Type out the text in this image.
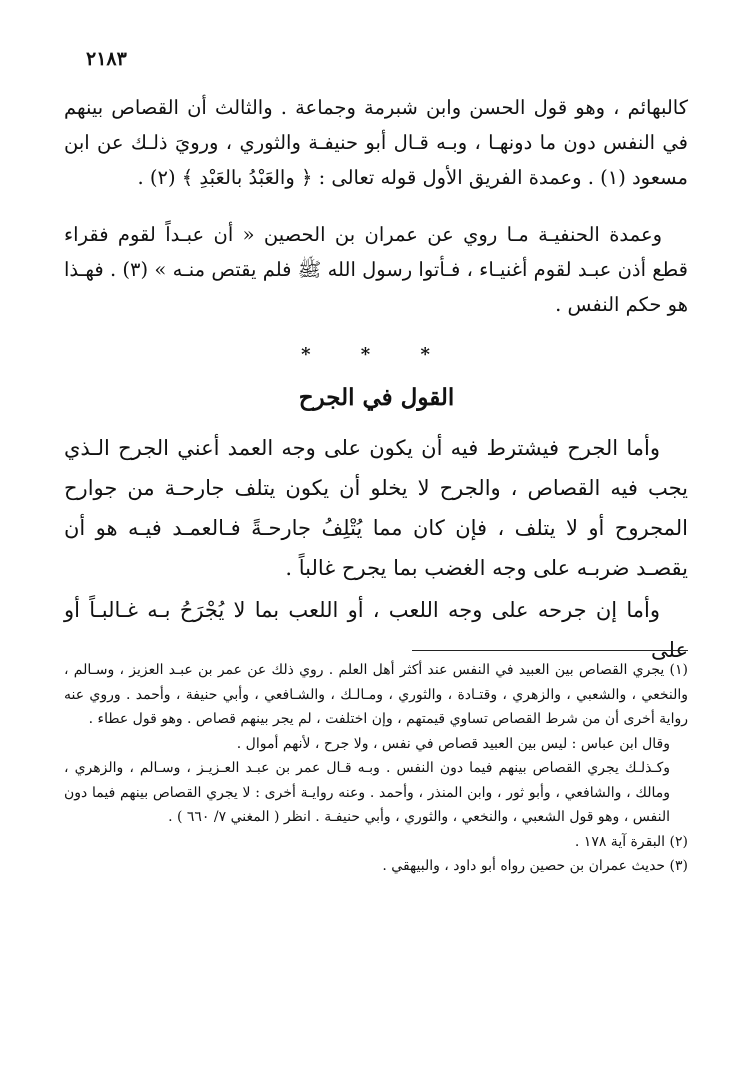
٢١٨٣
كالبهائم ، وهو قول الحسن وابن شبرمة وجماعة . والثالث أن القصاص بينهم في النفس دون ما دونهـا ، وبـه قـال أبو حنيفـة والثوري ، ورويَ ذلـك عن ابن مسعود (١) . وعمدة الفريق الأول قوله تعالى : ﴿ والعَبْدُ بالعَبْدِ ﴾ (٢) .
وعمدة الحنفيـة مـا روي عن عمران بن الحصين « أن عبـداً لقوم فقراء قطع أذن عبـد لقوم أغنيـاء ، فـأتوا رسول الله ﷺ فلم يقتص منـه » (٣) . فهـذا هو حكم النفس .
* * *
القول في الجرح
وأما الجرح فيشترط فيه أن يكون على وجه العمد أعني الجرح الـذي يجب فيه القصاص ، والجرح لا يخلو أن يكون يتلف جارحـة من جوارح المجروح أو لا يتلف ، فإن كان مما يُتْلِفُ جارحـةً فـالعمـد فيـه هو أن يقصـد ضربـه على وجه الغضب بما يجرح غالباً .
وأما إن جرحه على وجه اللعب ، أو اللعب بما لا يُجْرَحُ بـه غـالبـاً أو على

(١) يجري القصاص بين العبيد في النفس عند أكثر أهل العلم . روي ذلك عن عمر بن عبـد العزيز ، وسـالم ، والنخعي ، والشعبي ، والزهري ، وقتـادة ، والثوري ، ومـالـك ، والشـافعي ، وأبي حنيفة ، وأحمد . وروي عنه رواية أخرى أن من شرط القصاص تساوي قيمتهم ، وإن اختلفت ، لم يجر بينهم قصاص . وهو قول عطاء .

وقال ابن عباس : ليس بين العبيد قصاص في نفس ، ولا جرح ، لأنهم أموال .

وكـذلـك يجري القصاص بينهم فيما دون النفس . وبـه قـال عمر بن عبـد العـزيـز ، وسـالم ، والزهري ، ومالك ، والشافعي ، وأبو ثور ، وابن المنذر ، وأحمد . وعنه روايـة أخرى : لا يجري القصاص بينهم فيما دون النفس ، وهو قول الشعبي ، والنخعي ، والثوري ، وأبي حنيفـة . انظر ( المغني ٧/ ٦٦٠ ) .

(٢) البقرة آية ١٧٨ .

(٣) حديث عمران بن حصين رواه أبو داود ، والبيهقي .
